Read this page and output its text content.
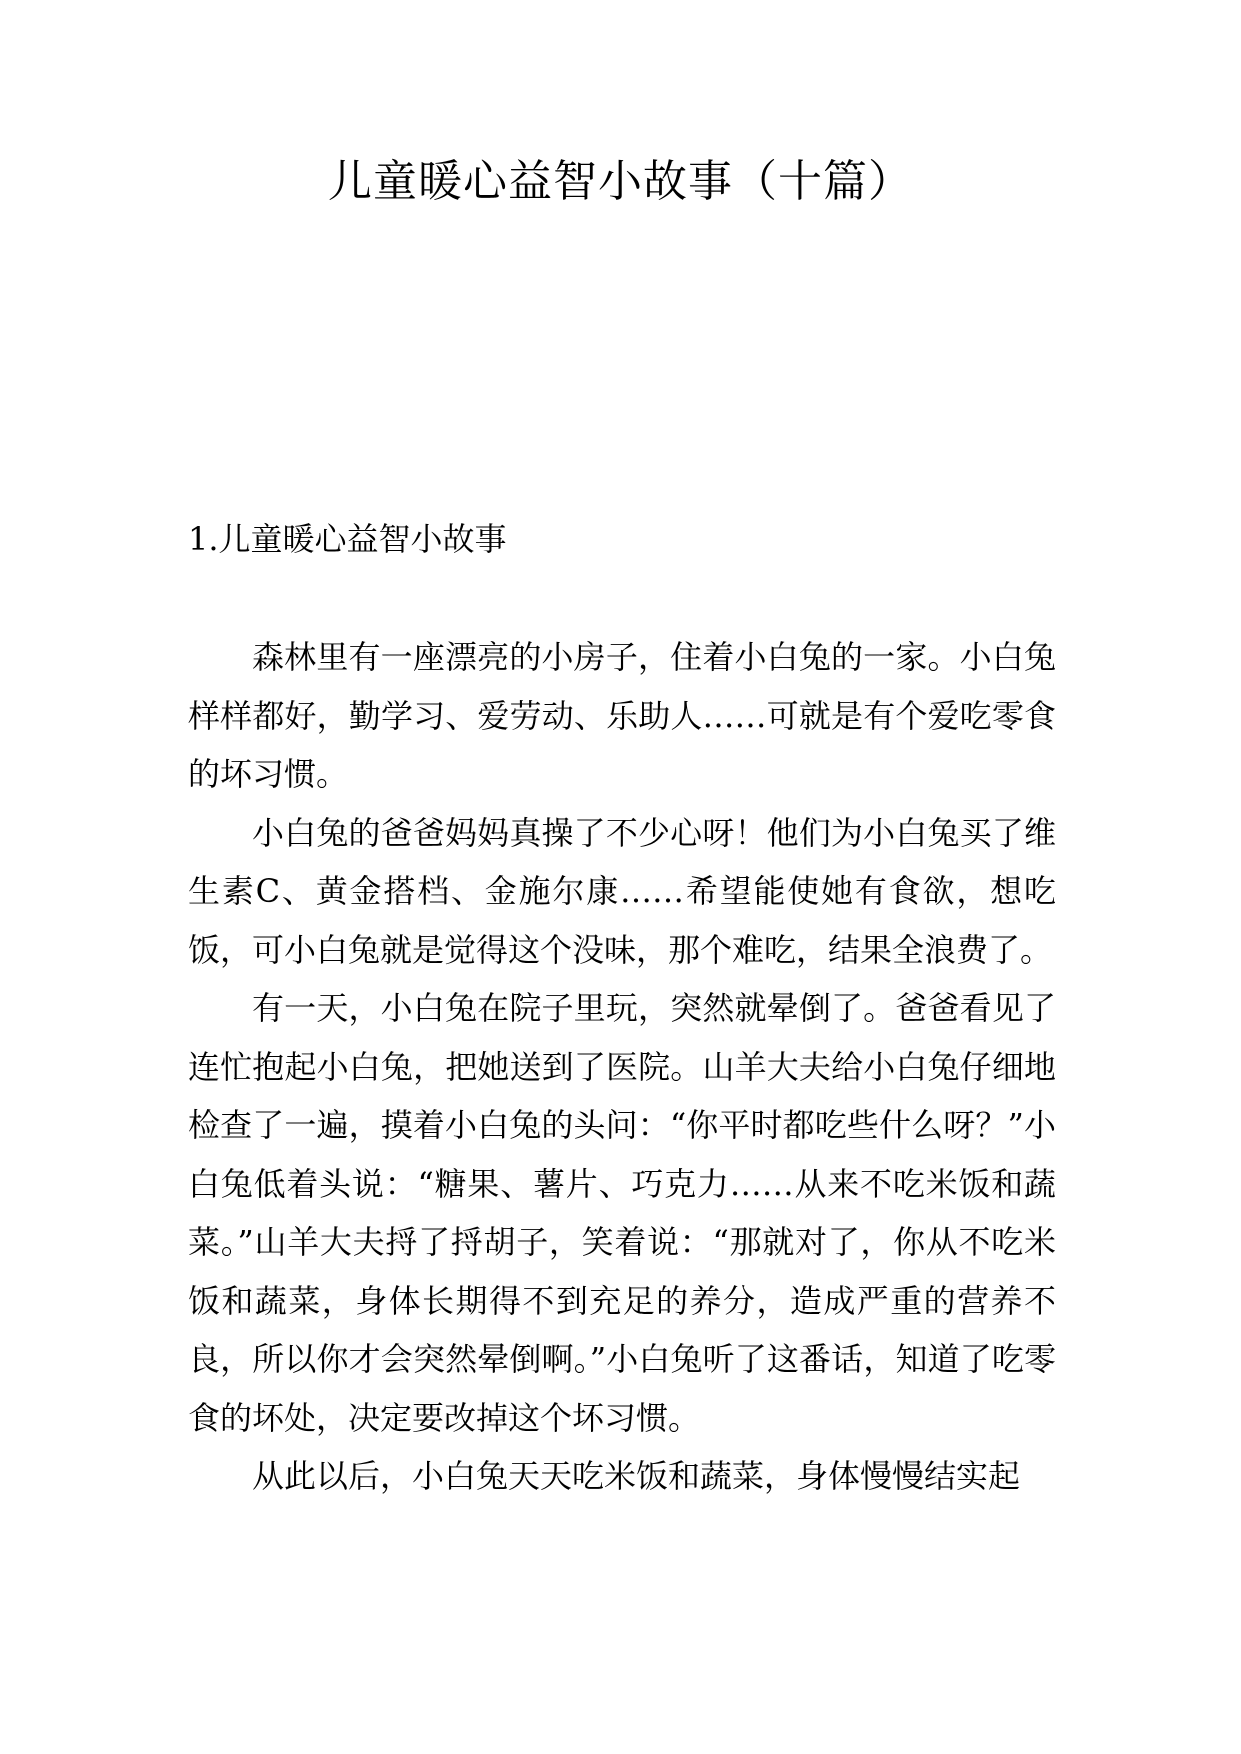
儿童暖心益智小故事（十篇）
1.儿童暖心益智小故事

森林里有一座漂亮的小房子，住着小白兔的一家。小白兔样样都好，勤学习、爱劳动、乐助人……可就是有个爱吃零食的坏习惯。

小白兔的爸爸妈妈真操了不少心呀！他们为小白兔买了维生素C、黄金搭档、金施尔康……希望能使她有食欲，想吃饭，可小白兔就是觉得这个没味，那个难吃，结果全浪费了。

有一天，小白兔在院子里玩，突然就晕倒了。爸爸看见了连忙抱起小白兔，把她送到了医院。山羊大夫给小白兔仔细地检查了一遍，摸着小白兔的头问：“你平时都吃些什么呀？”小白兔低着头说：“糖果、薯片、巧克力……从来不吃米饭和蔬菜。”山羊大夫捋了捋胡子，笑着说：“那就对了，你从不吃米饭和蔬菜，身体长期得不到充足的养分，造成严重的营养不良，所以你才会突然晕倒啊。”小白兔听了这番话，知道了吃零食的坏处，决定要改掉这个坏习惯。

从此以后，小白兔天天吃米饭和蔬菜，身体慢慢结实起
